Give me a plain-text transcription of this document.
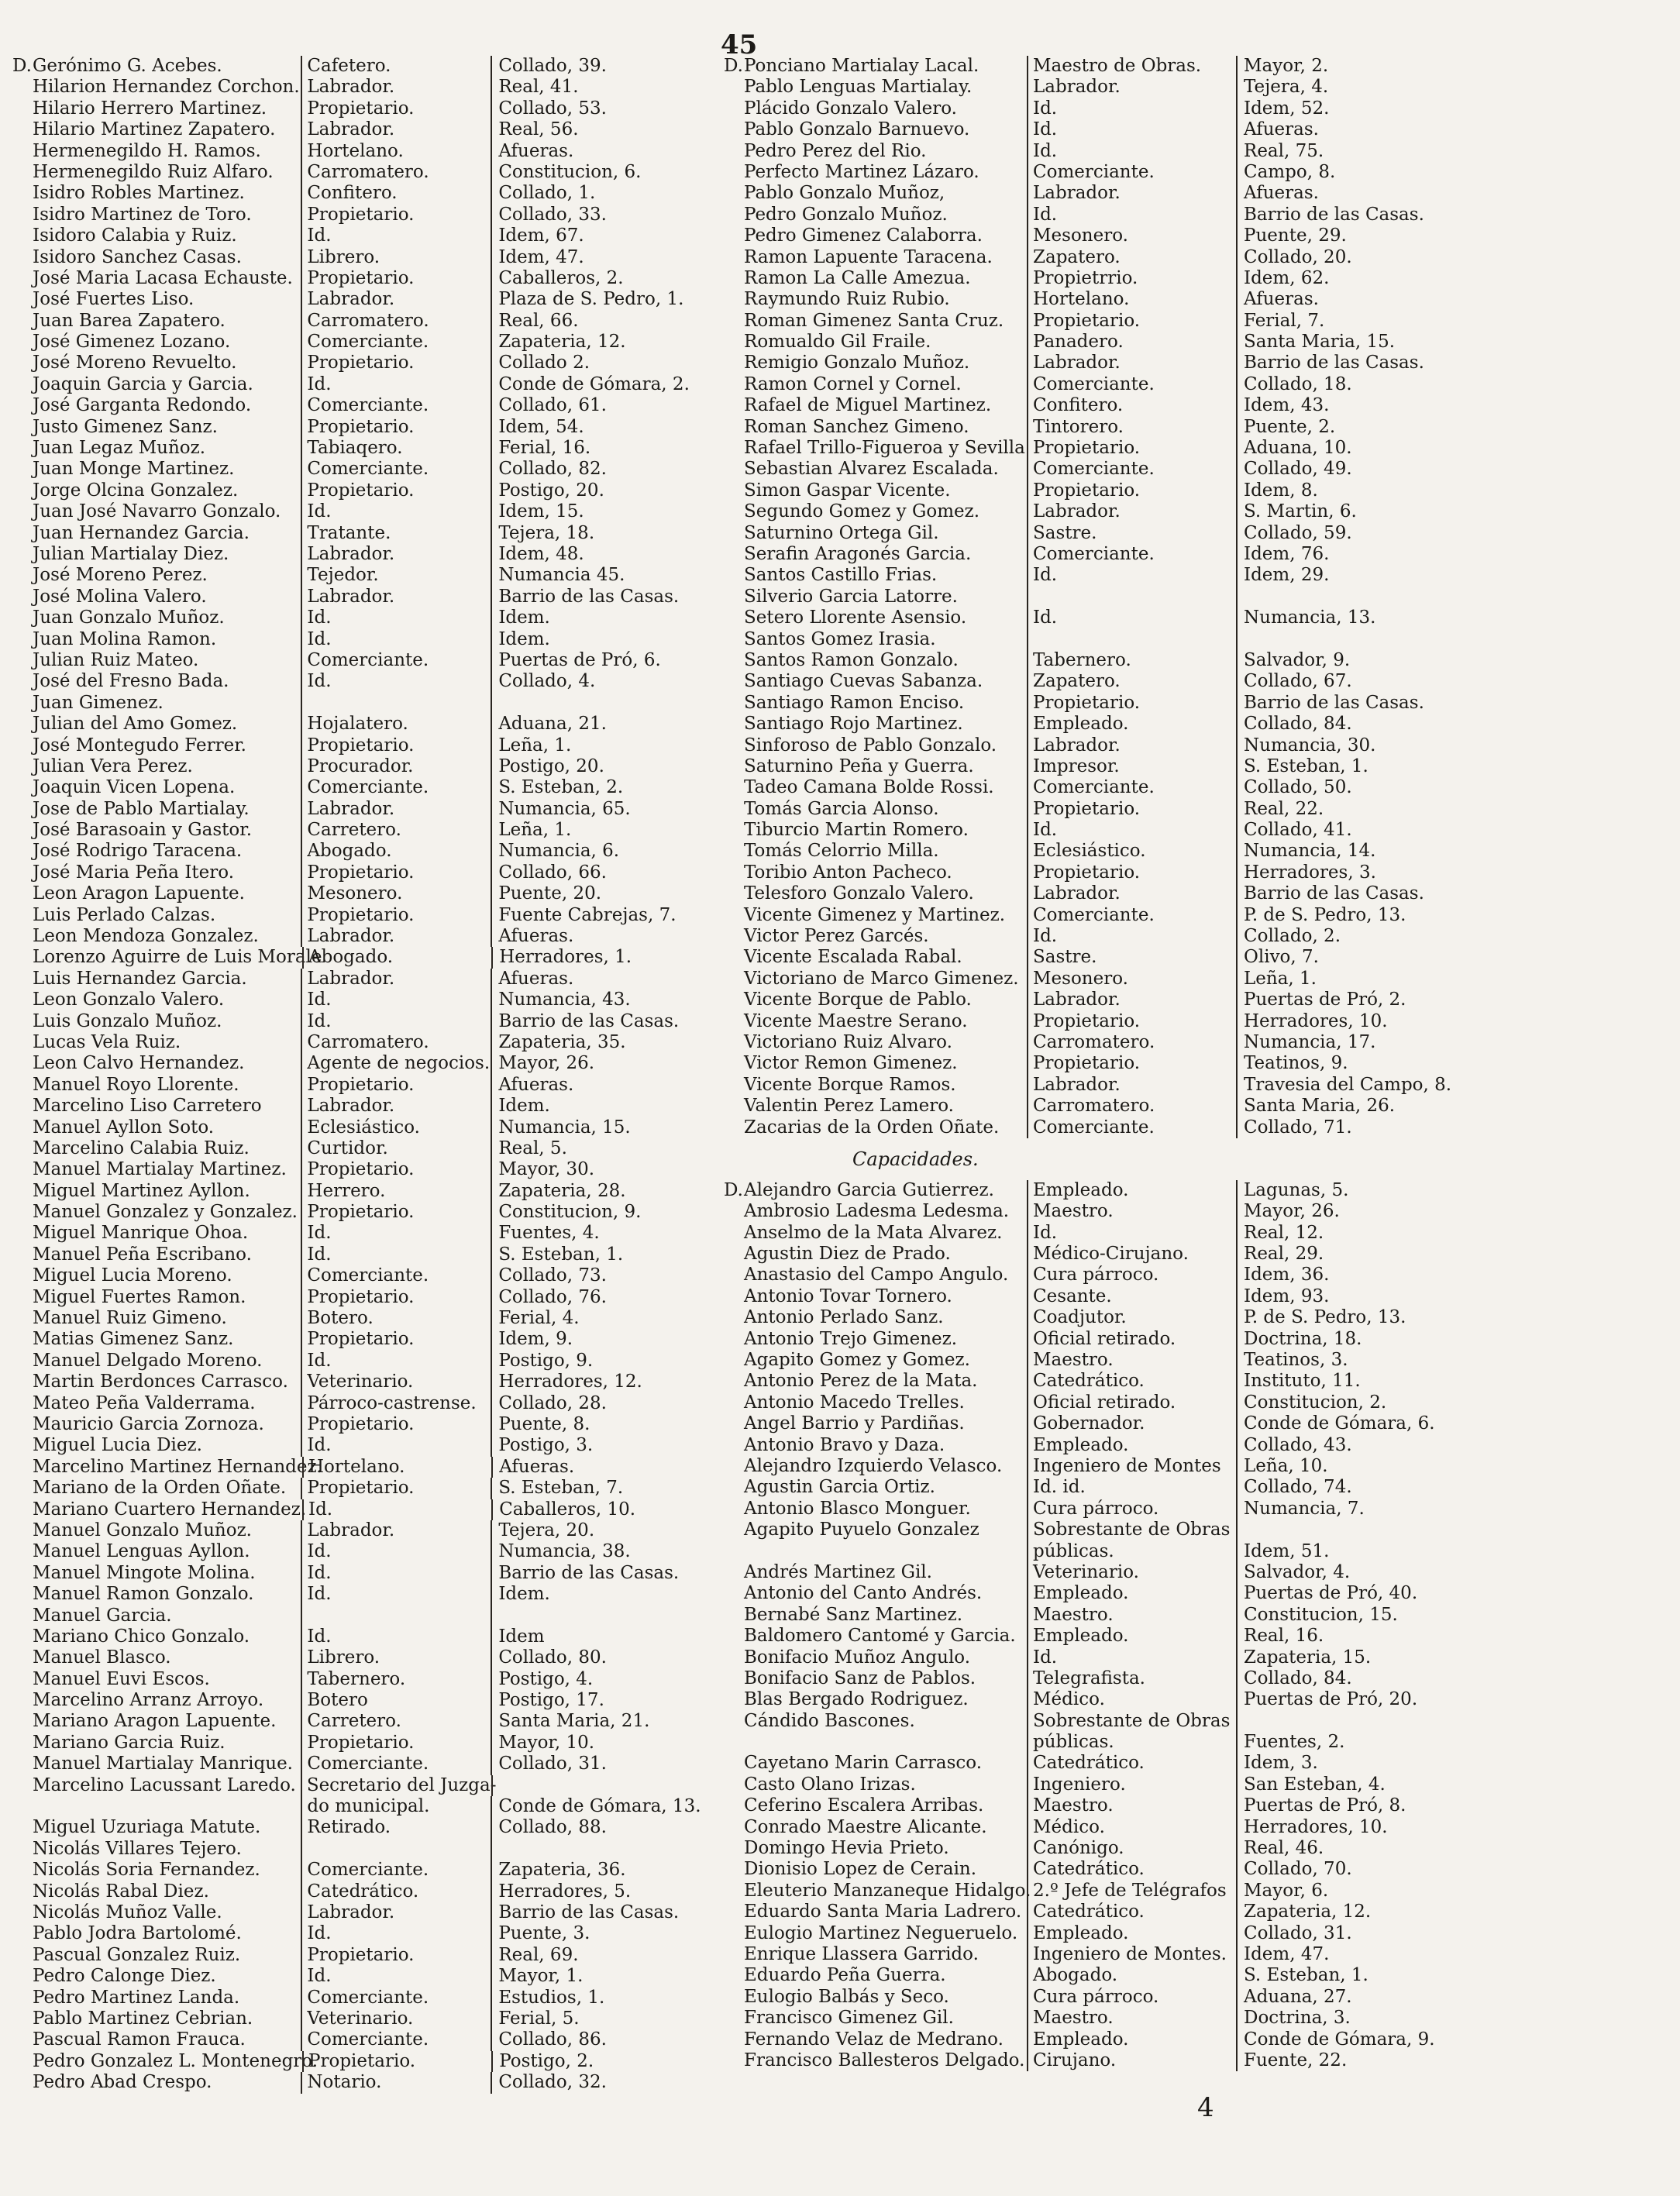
45
D.Gerónimo G. Acebes.	Cafetero.	Collado, 39.
Hilarion Hernandez Corchon. Labrador.	Real, 41.
Hilario Herrero Martinez.	Propietario.	Collado, 53.
Hilario Martinez Zapatero.	Labrador.	Real, 56.
Hermenegildo H. Ramos.	Hortelano.	Afueras.
Hermenegildo Ruiz Alfaro.	Carromatero.	Constitucion, 6.
Isidro Robles Martinez.	Confitero.	Collado, 1.
Isidro Martinez de Toro.	Propietario.	Collado, 33.
Isidoro Calabia y Ruiz.	Id.	Idem, 67.
Isidoro Sanchez Casas.	Librero.	Idem, 47.
José Maria Lacasa Echauste. Propietario.	Caballeros, 2.
José Fuertes Liso.	Labrador.	Plaza de S. Pedro, 1.
Juan Barea Zapatero.	Carromatero.	Real, 66.
José Gimenez Lozano.	Comerciante.	Zapateria, 12.
José Moreno Revuelto.	Propietario.	Collado 2.
Joaquin Garcia y Garcia.	Id.	Conde de Gómara, 2.
José Garganta Redondo.	Comerciante.	Collado, 61.
Justo Gimenez Sanz.	Propietario.	Idem, 54.
Juan Legaz Muñoz.	Tabiaqero.	Ferial, 16.
Juan Monge Martinez.	Comerciante.	Collado, 82.
Jorge Olcina Gonzalez.	Propietario.	Postigo, 20.
Juan José Navarro Gonzalo.	Id.	Idem, 15.
Juan Hernandez Garcia.	Tratante.	Tejera, 18.
Julian Martialay Diez.	Labrador.	Idem, 48.
José Moreno Perez.	Tejedor.	Numancia 45.
José Molina Valero.	Labrador.	Barrio de las Casas.
Juan Gonzalo Muñoz.	Id.	Idem.
Juan Molina Ramon.	Id.	Idem.
Julian Ruiz Mateo.	Comerciante.	Puertas de Pró, 6.
José del Fresno Bada.	Id.	Collado, 4.
Juan Gimenez.
Julian del Amo Gomez.	Hojalatero.	Aduana, 21.
José Montegudo Ferrer.	Propietario.	Leña, 1.
Julian Vera Perez.	Procurador.	Postigo, 20.
Joaquin Vicen Lopena.	Comerciante.	S. Esteban, 2.
Jose de Pablo Martialay.	Labrador.	Numancia, 65.
José Barasoain y Gastor.	Carretero.	Leña, 1.
José Rodrigo Taracena.	Abogado.	Numancia, 6.
José Maria Peña Itero.	Propietario.	Collado, 66.
Leon Aragon Lapuente.	Mesonero.	Puente, 20.
Luis Perlado Calzas.	Propietario.	Fuente Cabrejas, 7.
Leon Mendoza Gonzalez.	Labrador.	Afueras.
Lorenzo Aguirre de Luis Morale
Abogado.	Herradores, 1.
Luis Hernandez Garcia.	Labrador.	Afueras.
Leon Gonzalo Valero.	Id.	Numancia, 43.
Luis Gonzalo Muñoz.	Id.	Barrio de las Casas.
Lucas Vela Ruiz.	Carromatero.	Zapateria, 35.
Leon Calvo Hernandez.	Agente de negocios. Mayor, 26.
Manuel Royo Llorente.	Propietario.	Afueras.
Marcelino Liso Carretero	Labrador.	Idem.
Manuel Ayllon Soto.	Eclesiástico.	Numancia, 15.
Marcelino Calabia Ruiz.	Curtidor.	Real, 5.
Manuel Martialay Martinez.	Propietario.	Mayor, 30.
Miguel Martinez Ayllon.	Herrero.	Zapateria, 28.
Manuel Gonzalez y Gonzalez. Propietario.	Constitucion, 9.
Miguel Manrique Ohoa.	Id.	Fuentes, 4.
Manuel Peña Escribano.	Id.	S. Esteban, 1.
Miguel Lucia Moreno.	Comerciante.	Collado, 73.
Miguel Fuertes Ramon.	Propietario.	Collado, 76.
Manuel Ruiz Gimeno.	Botero.	Ferial, 4.
Matias Gimenez Sanz.	Propietario.	Idem, 9.
Manuel Delgado Moreno.	Id.	Postigo, 9.
Martin Berdonces Carrasco.	Veterinario.	Herradores, 12.
Mateo Peña Valderrama.	Párroco-castrense.	Collado, 28.
Mauricio Garcia Zornoza.	Propietario.	Puente, 8.
Miguel Lucia Diez.	Id.	Postigo, 3.
Marcelino Martinez Hernandez.
Hortelano.	Afueras.
Mariano de la Orden Oñate.	Propietario.	S. Esteban, 7.
Mariano Cuartero Hernandez. Id.	Caballeros, 10.
Manuel Gonzalo Muñoz.	Labrador.	Tejera, 20.
Manuel Lenguas Ayllon.	Id.	Numancia, 38.
Manuel Mingote Molina.	Id.	Barrio de las Casas.
Manuel Ramon Gonzalo.	Id.	Idem.
Manuel Garcia.
Mariano Chico Gonzalo.	Id.	Idem
Manuel Blasco.	Librero.	Collado, 80.
Manuel Euvi Escos.	Tabernero.	Postigo, 4.
Marcelino Arranz Arroyo.	Botero	Postigo, 17.
Mariano Aragon Lapuente.	Carretero.	Santa Maria, 21.
Mariano Garcia Ruiz.	Propietario.	Mayor, 10.
Manuel Martialay Manrique. Comerciante.	Collado, 31.
Marcelino Lacussant Laredo. Secretario del Juzga-
do municipal.	Conde de Gómara, 13.
Miguel Uzuriaga Matute.	Retirado.	Collado, 88.
Nicolás Villares Tejero.
Nicolás Soria Fernandez.	Comerciante.	Zapateria, 36.
Nicolás Rabal Diez.	Catedrático.	Herradores, 5.
Nicolás Muñoz Valle.	Labrador.	Barrio de las Casas.
Pablo Jodra Bartolomé.	Id.	Puente, 3.
Pascual Gonzalez Ruiz.	Propietario.	Real, 69.
Pedro Calonge Diez.	Id.	Mayor, 1.
Pedro Martinez Landa.	Comerciante.	Estudios, 1.
Pablo Martinez Cebrian.	Veterinario.	Ferial, 5.
Pascual Ramon Frauca.	Comerciante.	Collado, 86.
Pedro Gonzalez L. Montenegro.
Propietario.	Postigo, 2.
Pedro Abad Crespo.	Notario.	Collado, 32.
D.Ponciano Martialay Lacal.	Maestro de Obras.	Mayor, 2.
Pablo Lenguas Martialay.	Labrador.	Tejera, 4.
Plácido Gonzalo Valero.	Id.	Idem, 52.
Pablo Gonzalo Barnuevo.	Id.	Afueras.
Pedro Perez del Rio.	Id.	Real, 75.
Perfecto Martinez Lázaro.	Comerciante.	Campo, 8.
Pablo Gonzalo Muñoz,	Labrador.	Afueras.
Pedro Gonzalo Muñoz.	Id.	Barrio de las Casas.
Pedro Gimenez Calaborra.	Mesonero.	Puente, 29.
Ramon Lapuente Taracena.	Zapatero.	Collado, 20.
Ramon La Calle Amezua.	Propietrrio.	Idem, 62.
Raymundo Ruiz Rubio.	Hortelano.	Afueras.
Roman Gimenez Santa Cruz.	Propietario.	Ferial, 7.
Romualdo Gil Fraile.	Panadero.	Santa Maria, 15.
Remigio Gonzalo Muñoz.	Labrador.	Barrio de las Casas.
Ramon Cornel y Cornel.	Comerciante.	Collado, 18.
Rafael de Miguel Martinez.	Confitero.	Idem, 43.
Roman Sanchez Gimeno.	Tintorero.	Puente, 2.
Rafael Trillo-Figueroa y Sevilla Propietario.	Aduana, 10.
Sebastian Alvarez Escalada.	Comerciante.	Collado, 49.
Simon Gaspar Vicente.	Propietario.	Idem, 8.
Segundo Gomez y Gomez.	Labrador.	S. Martin, 6.
Saturnino Ortega Gil.	Sastre.	Collado, 59.
Serafin Aragonés Garcia.	Comerciante.	Idem, 76.
Santos Castillo Frias.	Id.	Idem, 29.
Silverio Garcia Latorre.
Setero Llorente Asensio.	Id.	Numancia, 13.
Santos Gomez Irasia.
Santos Ramon Gonzalo.	Tabernero.	Salvador, 9.
Santiago Cuevas Sabanza.	Zapatero.	Collado, 67.
Santiago Ramon Enciso.	Propietario.	Barrio de las Casas.
Santiago Rojo Martinez.	Empleado.	Collado, 84.
Sinforoso de Pablo Gonzalo.	Labrador.	Numancia, 30.
Saturnino Peña y Guerra.	Impresor.	S. Esteban, 1.
Tadeo Camana Bolde Rossi.	Comerciante.	Collado, 50.
Tomás Garcia Alonso.	Propietario.	Real, 22.
Tiburcio Martin Romero.	Id.	Collado, 41.
Tomás Celorrio Milla.	Eclesiástico.	Numancia, 14.
Toribio Anton Pacheco.	Propietario.	Herradores, 3.
Telesforo Gonzalo Valero.	Labrador.	Barrio de las Casas.
Vicente Gimenez y Martinez.	Comerciante.	P. de S. Pedro, 13.
Victor Perez Garcés.	Id.	Collado, 2.
Vicente Escalada Rabal.	Sastre.	Olivo, 7.
Victoriano de Marco Gimenez. Mesonero.	Leña, 1.
Vicente Borque de Pablo.	Labrador.	Puertas de Pró, 2.
Vicente Maestre Serano.	Propietario.	Herradores, 10.
Victoriano Ruiz Alvaro.	Carromatero.	Numancia, 17.
Victor Remon Gimenez.	Propietario.	Teatinos, 9.
Vicente Borque Ramos.	Labrador.	Travesia del Campo, 8.
Valentin Perez Lamero.	Carromatero.	Santa Maria, 26.
Zacarias de la Orden Oñate.	Comerciante.	Collado, 71.
Capacidades.
D.Alejandro Garcia Gutierrez.	Empleado.	Lagunas, 5.
Ambrosio Ladesma Ledesma.	Maestro.	Mayor, 26.
Anselmo de la Mata Alvarez.	Id.	Real, 12.
Agustin Diez de Prado.	Médico-Cirujano.	Real, 29.
Anastasio del Campo Angulo.	Cura párroco.	Idem, 36.
Antonio Tovar Tornero.	Cesante.	Idem, 93.
Antonio Perlado Sanz.	Coadjutor.	P. de S. Pedro, 13.
Antonio Trejo Gimenez.	Oficial retirado.	Doctrina, 18.
Agapito Gomez y Gomez.	Maestro.	Teatinos, 3.
Antonio Perez de la Mata.	Catedrático.	Instituto, 11.
Antonio Macedo Trelles.	Oficial retirado.	Constitucion, 2.
Angel Barrio y Pardiñas.	Gobernador.	Conde de Gómara, 6.
Antonio Bravo y Daza.	Empleado.	Collado, 43.
Alejandro Izquierdo Velasco.	Ingeniero de Montes	Leña, 10.
Agustin Garcia Ortiz.	Id. id.	Collado, 74.
Antonio Blasco Monguer.	Cura párroco.	Numancia, 7.
Agapito Puyuelo Gonzalez	Sobrestante de Obras
públicas.	Idem, 51.
Andrés Martinez Gil.	Veterinario.	Salvador, 4.
Antonio del Canto Andrés.	Empleado.	Puertas de Pró, 40.
Bernabé Sanz Martinez.	Maestro.	Constitucion, 15.
Baldomero Cantomé y Garcia. Empleado.	Real, 16.
Bonifacio Muñoz Angulo.	Id.	Zapateria, 15.
Bonifacio Sanz de Pablos.	Telegrafista.	Collado, 84.
Blas Bergado Rodriguez.	Médico.	Puertas de Pró, 20.
Cándido Bascones.	Sobrestante de Obras
públicas.	Fuentes, 2.
Cayetano Marin Carrasco.	Catedrático.	Idem, 3.
Casto Olano Irizas.	Ingeniero.	San Esteban, 4.
Ceferino Escalera Arribas.	Maestro.	Puertas de Pró, 8.
Conrado Maestre Alicante.	Médico.	Herradores, 10.
Domingo Hevia Prieto.	Canónigo.	Real, 46.
Dionisio Lopez de Cerain.	Catedrático.	Collado, 70.
Eleuterio Manzaneque Hidalgo. 2.º Jefe de Telégrafos Mayor, 6.
Eduardo Santa Maria Ladrero. Catedrático.	Zapateria, 12.
Eulogio Martinez Negueruelo. Empleado.	Collado, 31.
Enrique Llassera Garrido.	Ingeniero de Montes. Idem, 47.
Eduardo Peña Guerra.	Abogado.	S. Esteban, 1.
Eulogio Balbás y Seco.	Cura párroco.	Aduana, 27.
Francisco Gimenez Gil.	Maestro.	Doctrina, 3.
Fernando Velaz de Medrano.	Empleado.	Conde de Gómara, 9.
Francisco Ballesteros Delgado. Cirujano.	Fuente, 22.
4
